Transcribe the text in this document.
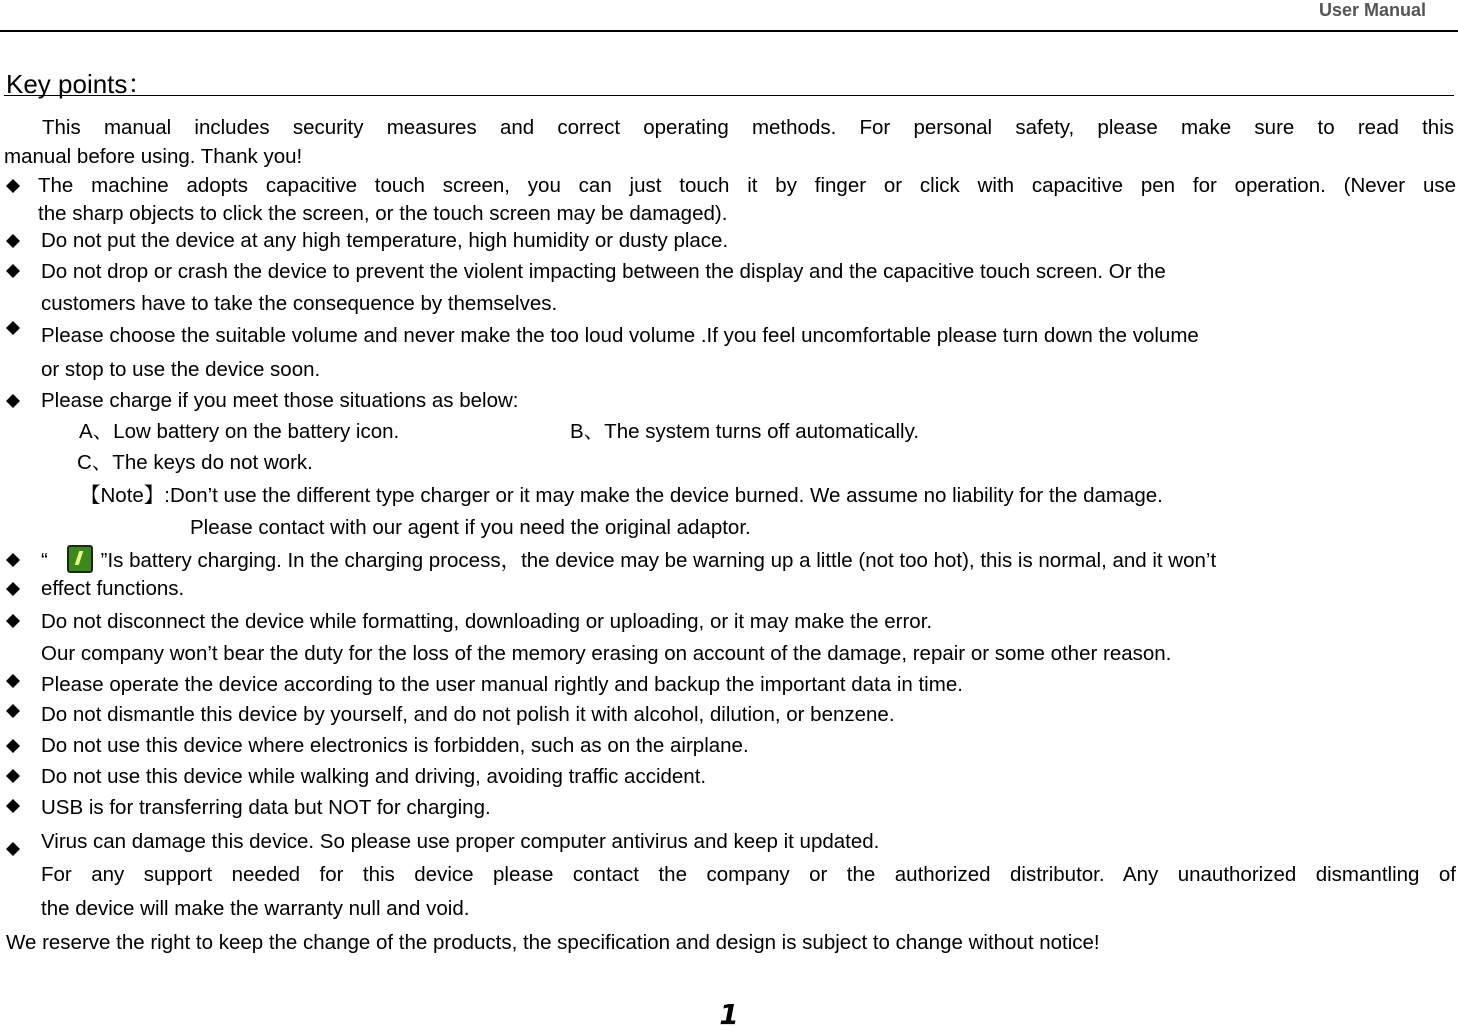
User Manual
Key points：
This manual includes security measures and correct operating methods. For personal safety, please make sure to read this
manual before using. Thank you!
The machine adopts capacitive touch screen, you can just touch it by finger or click with capacitive pen for operation. (Never use
the sharp objects to click the screen, or the touch screen may be damaged).
Do not put the device at any high temperature, high humidity or dusty place.
Do not drop or crash the device to prevent the violent impacting between the display and the capacitive touch screen. Or the
customers have to take the consequence by themselves.
Please choose the suitable volume and never make the too loud volume .If you feel uncomfortable please turn down the volume
or stop to use the device soon.
Please charge if you meet those situations as below:
A、Low battery on the battery icon.	B、The system turns off automatically.
C、The keys do not work.
【Note】:Don’t use the different type charger or it may make the device burned. We assume no liability for the damage.
Please contact with our agent if you need the original adaptor.
“	”Is battery charging. In the charging process，the device may be warning up a little (not too hot), this is normal, and it won’t
effect functions.
Do not disconnect the device while formatting, downloading or uploading, or it may make the error.
Our company won’t bear the duty for the loss of the memory erasing on account of the damage, repair or some other reason.
Please operate the device according to the user manual rightly and backup the important data in time.
Do not dismantle this device by yourself, and do not polish it with alcohol, dilution, or benzene.
Do not use this device where electronics is forbidden, such as on the airplane.
Do not use this device while walking and driving, avoiding traffic accident.
USB is for transferring data but NOT for charging.
Virus can damage this device. So please use proper computer antivirus and keep it updated.
For any support needed for this device please contact the company or the authorized distributor. Any unauthorized dismantling of
the device will make the warranty null and void.
We reserve the right to keep the change of the products, the specification and design is subject to change without notice!
1
